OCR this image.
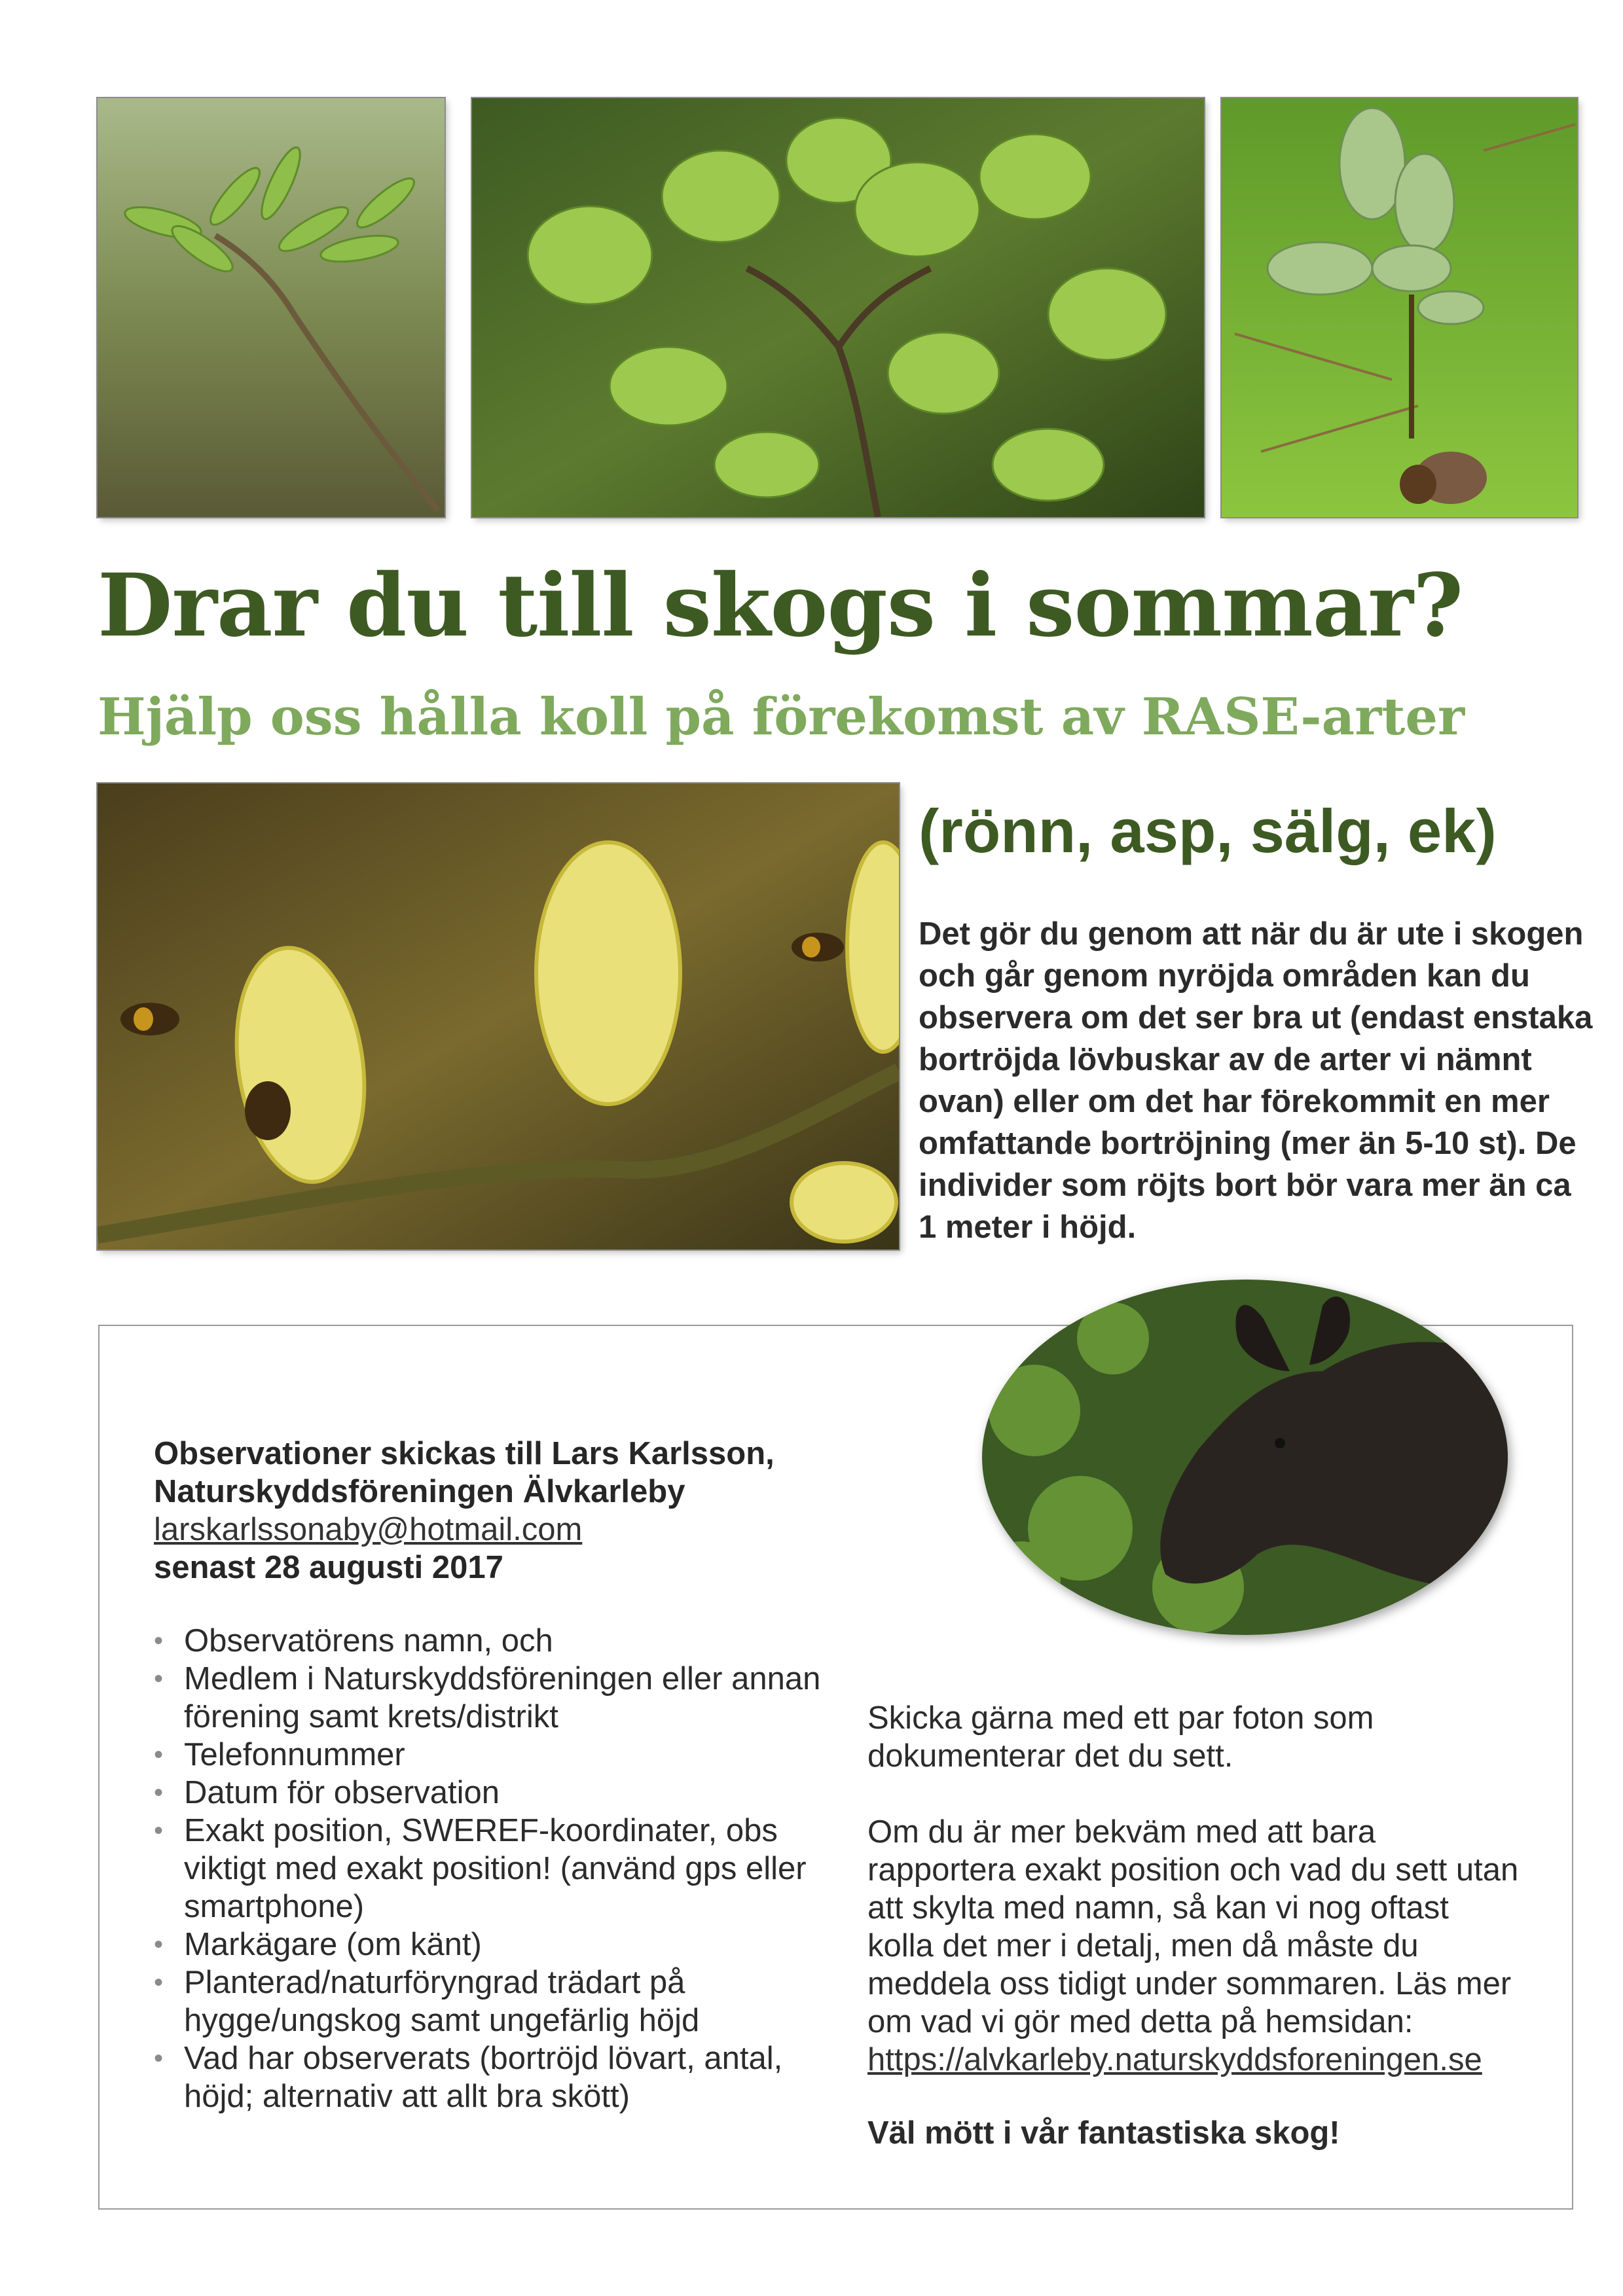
Drar du till skogs i sommar?
Hjälp oss hålla koll på förekomst av RASE-arter
(rönn, asp, sälg, ek)

Det gör du genom att när du är ute i skogen och går genom nyröjda områden kan du observera om det ser bra ut (endast enstaka bortröjda lövbuskar av de arter vi nämnt ovan) eller om det har förekommit en mer omfattande bortröjning (mer än 5-10 st). De individer som röjts bort bör vara mer än ca 1 meter i höjd.

Observationer skickas till Lars Karlsson,
Naturskyddsföreningen Älvkarleby
larskarlssonaby@hotmail.com
senast 28 augusti 2017
• Observatörens namn, och
• Medlem i Naturskyddsföreningen eller annan förening samt krets/distrikt
• Telefonnummer
• Datum för observation
• Exakt position, SWEREF-koordinater, obs viktigt med exakt position! (använd gps eller smartphone)
• Markägare (om känt)
• Planterad/naturföryngrad trädart på hygge/ungskog samt ungefärlig höjd
• Vad har observerats (bortröjd lövart, antal, höjd; alternativ att allt bra skött)

Skicka gärna med ett par foton som dokumenterar det du sett.

Om du är mer bekväm med att bara rapportera exakt position och vad du sett utan att skylta med namn, så kan vi nog oftast kolla det mer i detalj, men då måste du meddela oss tidigt under sommaren. Läs mer om vad vi gör med detta på hemsidan: https://alvkarleby.naturskyddsforeningen.se

Väl mött i vår fantastiska skog!
